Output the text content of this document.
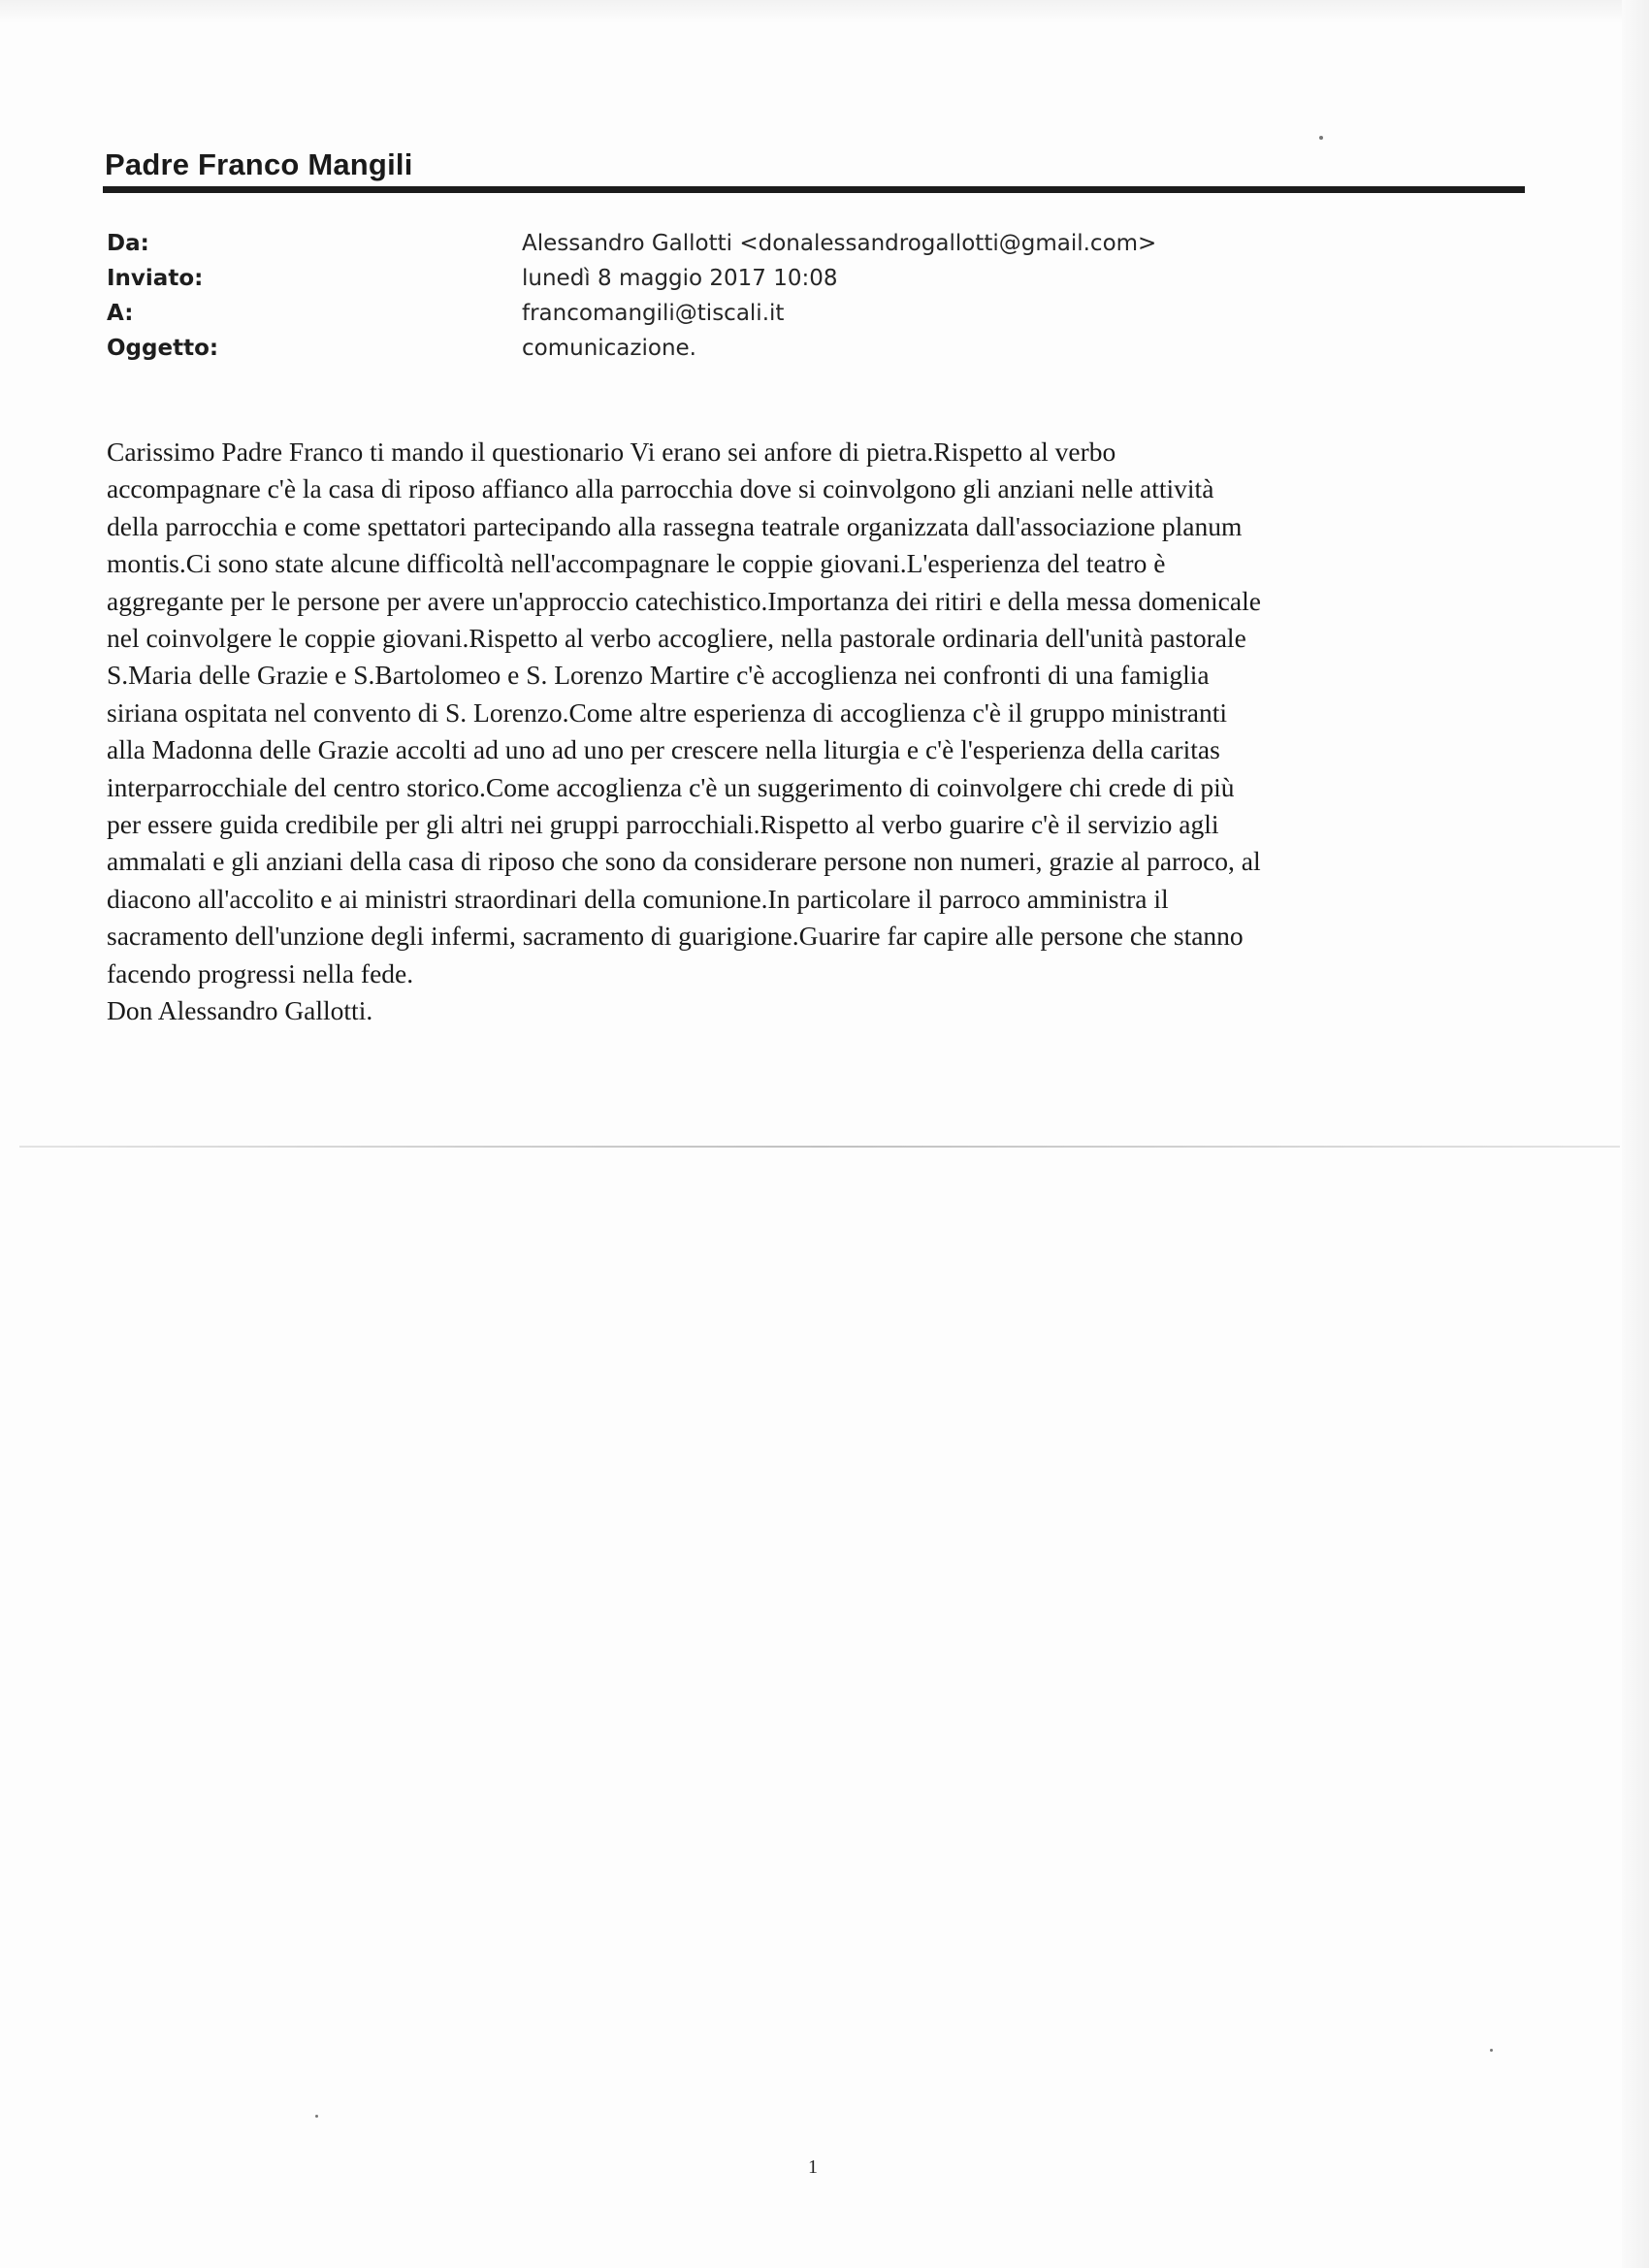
Padre Franco Mangili
Da:	Alessandro Gallotti <donalessandrogallotti@gmail.com>
Inviato:	lunedì 8 maggio 2017 10:08
A:	francomangili@tiscali.it
Oggetto:	comunicazione.
Carissimo Padre Franco ti mando il questionario Vi erano sei anfore di pietra.Rispetto al verbo
accompagnare c'è la casa di riposo affianco alla parrocchia dove si coinvolgono gli anziani nelle attività
della parrocchia e come spettatori partecipando alla rassegna teatrale organizzata dall'associazione planum
montis.Ci sono state alcune difficoltà nell'accompagnare le coppie giovani.L'esperienza del teatro è
aggregante per le persone per avere un'approccio catechistico.Importanza dei ritiri e della messa domenicale
nel coinvolgere le coppie giovani.Rispetto al verbo accogliere, nella pastorale ordinaria dell'unità pastorale
S.Maria delle Grazie e S.Bartolomeo e S. Lorenzo Martire c'è accoglienza nei confronti di una famiglia
siriana ospitata nel convento di S. Lorenzo.Come altre esperienza di accoglienza c'è il gruppo ministranti
alla Madonna delle Grazie accolti ad uno ad uno per crescere nella liturgia e c'è l'esperienza della caritas
interparrocchiale del centro storico.Come accoglienza c'è un suggerimento di coinvolgere chi crede di più
per essere guida credibile per gli altri nei gruppi parrocchiali.Rispetto al verbo guarire c'è il servizio agli
ammalati e gli anziani della casa di riposo che sono da considerare persone non numeri, grazie al parroco, al
diacono all'accolito e ai ministri straordinari della comunione.In particolare il parroco amministra il
sacramento dell'unzione degli infermi, sacramento di guarigione.Guarire far capire alle persone che stanno
facendo progressi nella fede.
Don Alessandro Gallotti.
1
